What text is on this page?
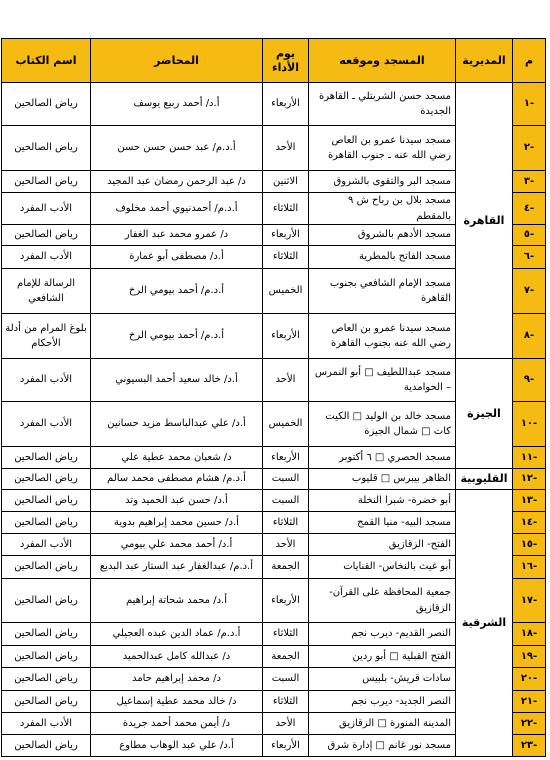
م	المديرية	المسجد وموقعه	يوم الأداء	المحاضر	اسم الكتاب
-١	القاهرة	مسجد حسن الشربتلي ـ القاهرة الجديدة	الأربعاء	أ.د/ أحمد ربيع يوسف	رياض الصالحين
-٢		مسجد سيدنا عمرو بن العاص رضي الله عنه ـ جنوب القاهرة	الأحد	أ.د.م/ عبد حسن حسن حسن	رياض الصالحين
-٣		مسجد البر والتقوى بالشروق	الاثنين	د/ عبد الرحمن رمضان عبد المجيد	رياض الصالحين
-٤		مسجد بلال بن رباح ش ٩ بالمقطم	الثلاثاء	أ.د.م/ أحمدنيوي أحمد مخلوف	الأدب المفرد
-٥		مسجد الأدهم بالشروق	الأربعاء	د/ عمرو محمد عبد الغفار	رياض الصالحين
-٦		مسجد الفاتح بالمطرية	الثلاثاء	أ.د/ مصطفى أبو عمارة	الأدب المفرد
-٧		مسجد الإمام الشافعي بجنوب القاهرة	الخميس	أ.د.م/ أحمد بيومي الرخ	الرسالة للإمام الشافعي
-٨		مسجد سيدنا عمرو بن العاص رضي الله عنه بجنوب القاهرة	الأربعاء	أ.د.م/ أحمد بيومي الرخ	بلوغ المرام من أدلة الأحكام
-٩	الجيزة	مسجد عبداللطيف □ أبو النمرس – الحوامدية	الأحد	أ.د/ خالد سعيد أحمد البسيوني	الأدب المفرد
-١٠		مسجد خالد بن الوليد □ الكيت كات □ شمال الجيزة	الخميس	أ.د/ علي عبدالباسط مزيد حسانين	الأدب المفرد
-١١		مسجد الحصري □ ٦ أكتوبر	الأربعاء	د/ شعبان محمد عطية علي	رياض الصالحين
-١٢	القليوبية	الظاهر بيبرس □ قليوب	السبت	أ.د.م/ هشام مصطفى محمد سالم	رياض الصالحين
-١٣	الشرقية	أبو خضرة- شبرا النخلة	السبت	أ.د/ حسن عبد الحميد وتد	رياض الصالحين
-١٤		مسجد البيه- منيا القمح	الثلاثاء	أ.د/ حسين محمد إبراهيم بدوية	رياض الصالحين
-١٥		الفتح- الزقازيق	الأحد	أ.د/ أحمد محمد علي بيومي	الأدب المفرد
-١٦		أبو غيث بالنخاس- القنايات	الجمعة	أ.د.م/ عبدالغفار عبد الستار عبد البديع	رياض الصالحين
-١٧		جمعية المحافظة على القرآن- الزقازيق	الأربعاء	أ.د/ محمد شحاتة إبراهيم	رياض الصالحين
-١٨		النصر القديم- ديرب نجم	الثلاثاء	أ.د.م/ عماد الدين عبده العجيلي	رياض الصالحين
-١٩		الفتح القبلية □ أبو ردين	الجمعة	د/ عبدالله كامل عبدالحميد	رياض الصالحين
-٢٠		سادات قريش- بلبيس	السبت	د/ محمد إبراهيم حامد	رياض الصالحين
-٢١		النصر الجديد- ديرب نجم	الثلاثاء	د/ خالد محمد عطية إسماعيل	رياض الصالحين
-٢٢		المدينة المنورة □ الزقازيق	الأحد	د/ أيمن محمد أحمد جريدة	الأدب المفرد
-٢٣		مسجد نور غانم □ إدارة شرق	الأربعاء	أ.د/ علي عبد الوهاب مطاوع	رياض الصالحين
